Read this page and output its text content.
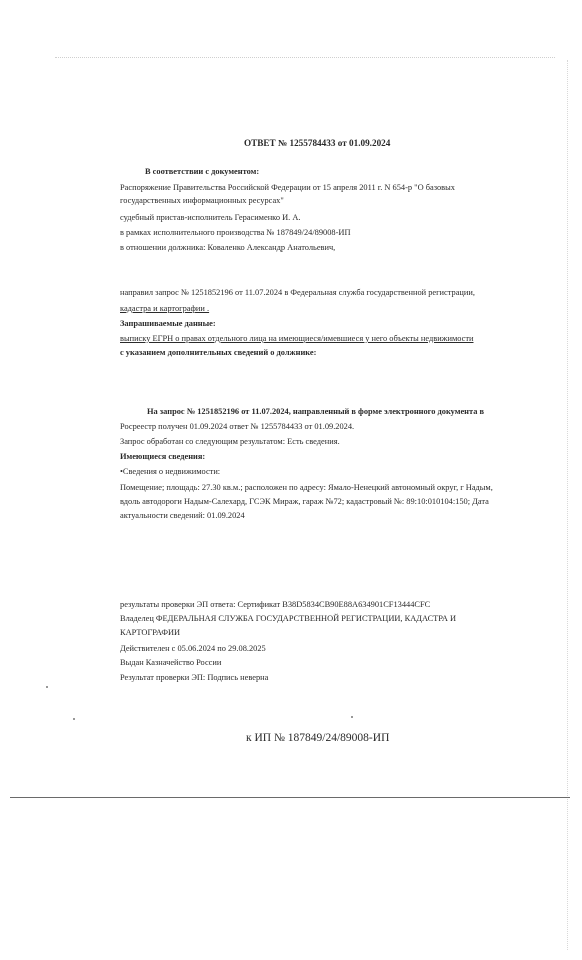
ОТВЕТ № 1255784433 от 01.09.2024
В соответствии с документом:
Распоряжение Правительства Российской Федерации от 15 апреля 2011 г. N 654-р "О базовых
государственных информационных ресурсах"
судебный пристав-исполнитель Герасименко И. А.
в рамках исполнительного производства № 187849/24/89008-ИП
в отношении должника: Коваленко Александр Анатольевич,
направил запрос № 1251852196 от 11.07.2024 в Федеральная служба государственной регистрации,
кадастра и картографии .
Запрашиваемые данные:
выписку ЕГРН о правах отдельного лица на имеющиеся/имевшиеся у него объекты недвижимости
с указанием дополнительных сведений о должнике:
На запрос № 1251852196 от 11.07.2024, направленный в форме электронного документа в
Росреестр получен 01.09.2024 ответ № 1255784433 от 01.09.2024.
Запрос обработан со следующим результатом: Есть сведения.
Имеющиеся сведения:
•Сведения о недвижимости:
Помещение; площадь: 27.30 кв.м.; расположен по адресу: Ямало-Ненецкий автономный округ, г Надым,
вдоль автодороги Надым-Салехард, ГСЭК Мираж, гараж №72; кадастровый №: 89:10:010104:150; Дата
актуальности сведений: 01.09.2024
результаты проверки ЭП ответа: Сертификат B38D5834CB90E88A634901CF13444CFC
Владелец ФЕДЕРАЛЬНАЯ СЛУЖБА ГОСУДАРСТВЕННОЙ РЕГИСТРАЦИИ, КАДАСТРА И
КАРТОГРАФИИ
Действителен с 05.06.2024 по 29.08.2025
Выдан Казначейство России
Результат проверки ЭП: Подпись неверна
к ИП № 187849/24/89008-ИП
